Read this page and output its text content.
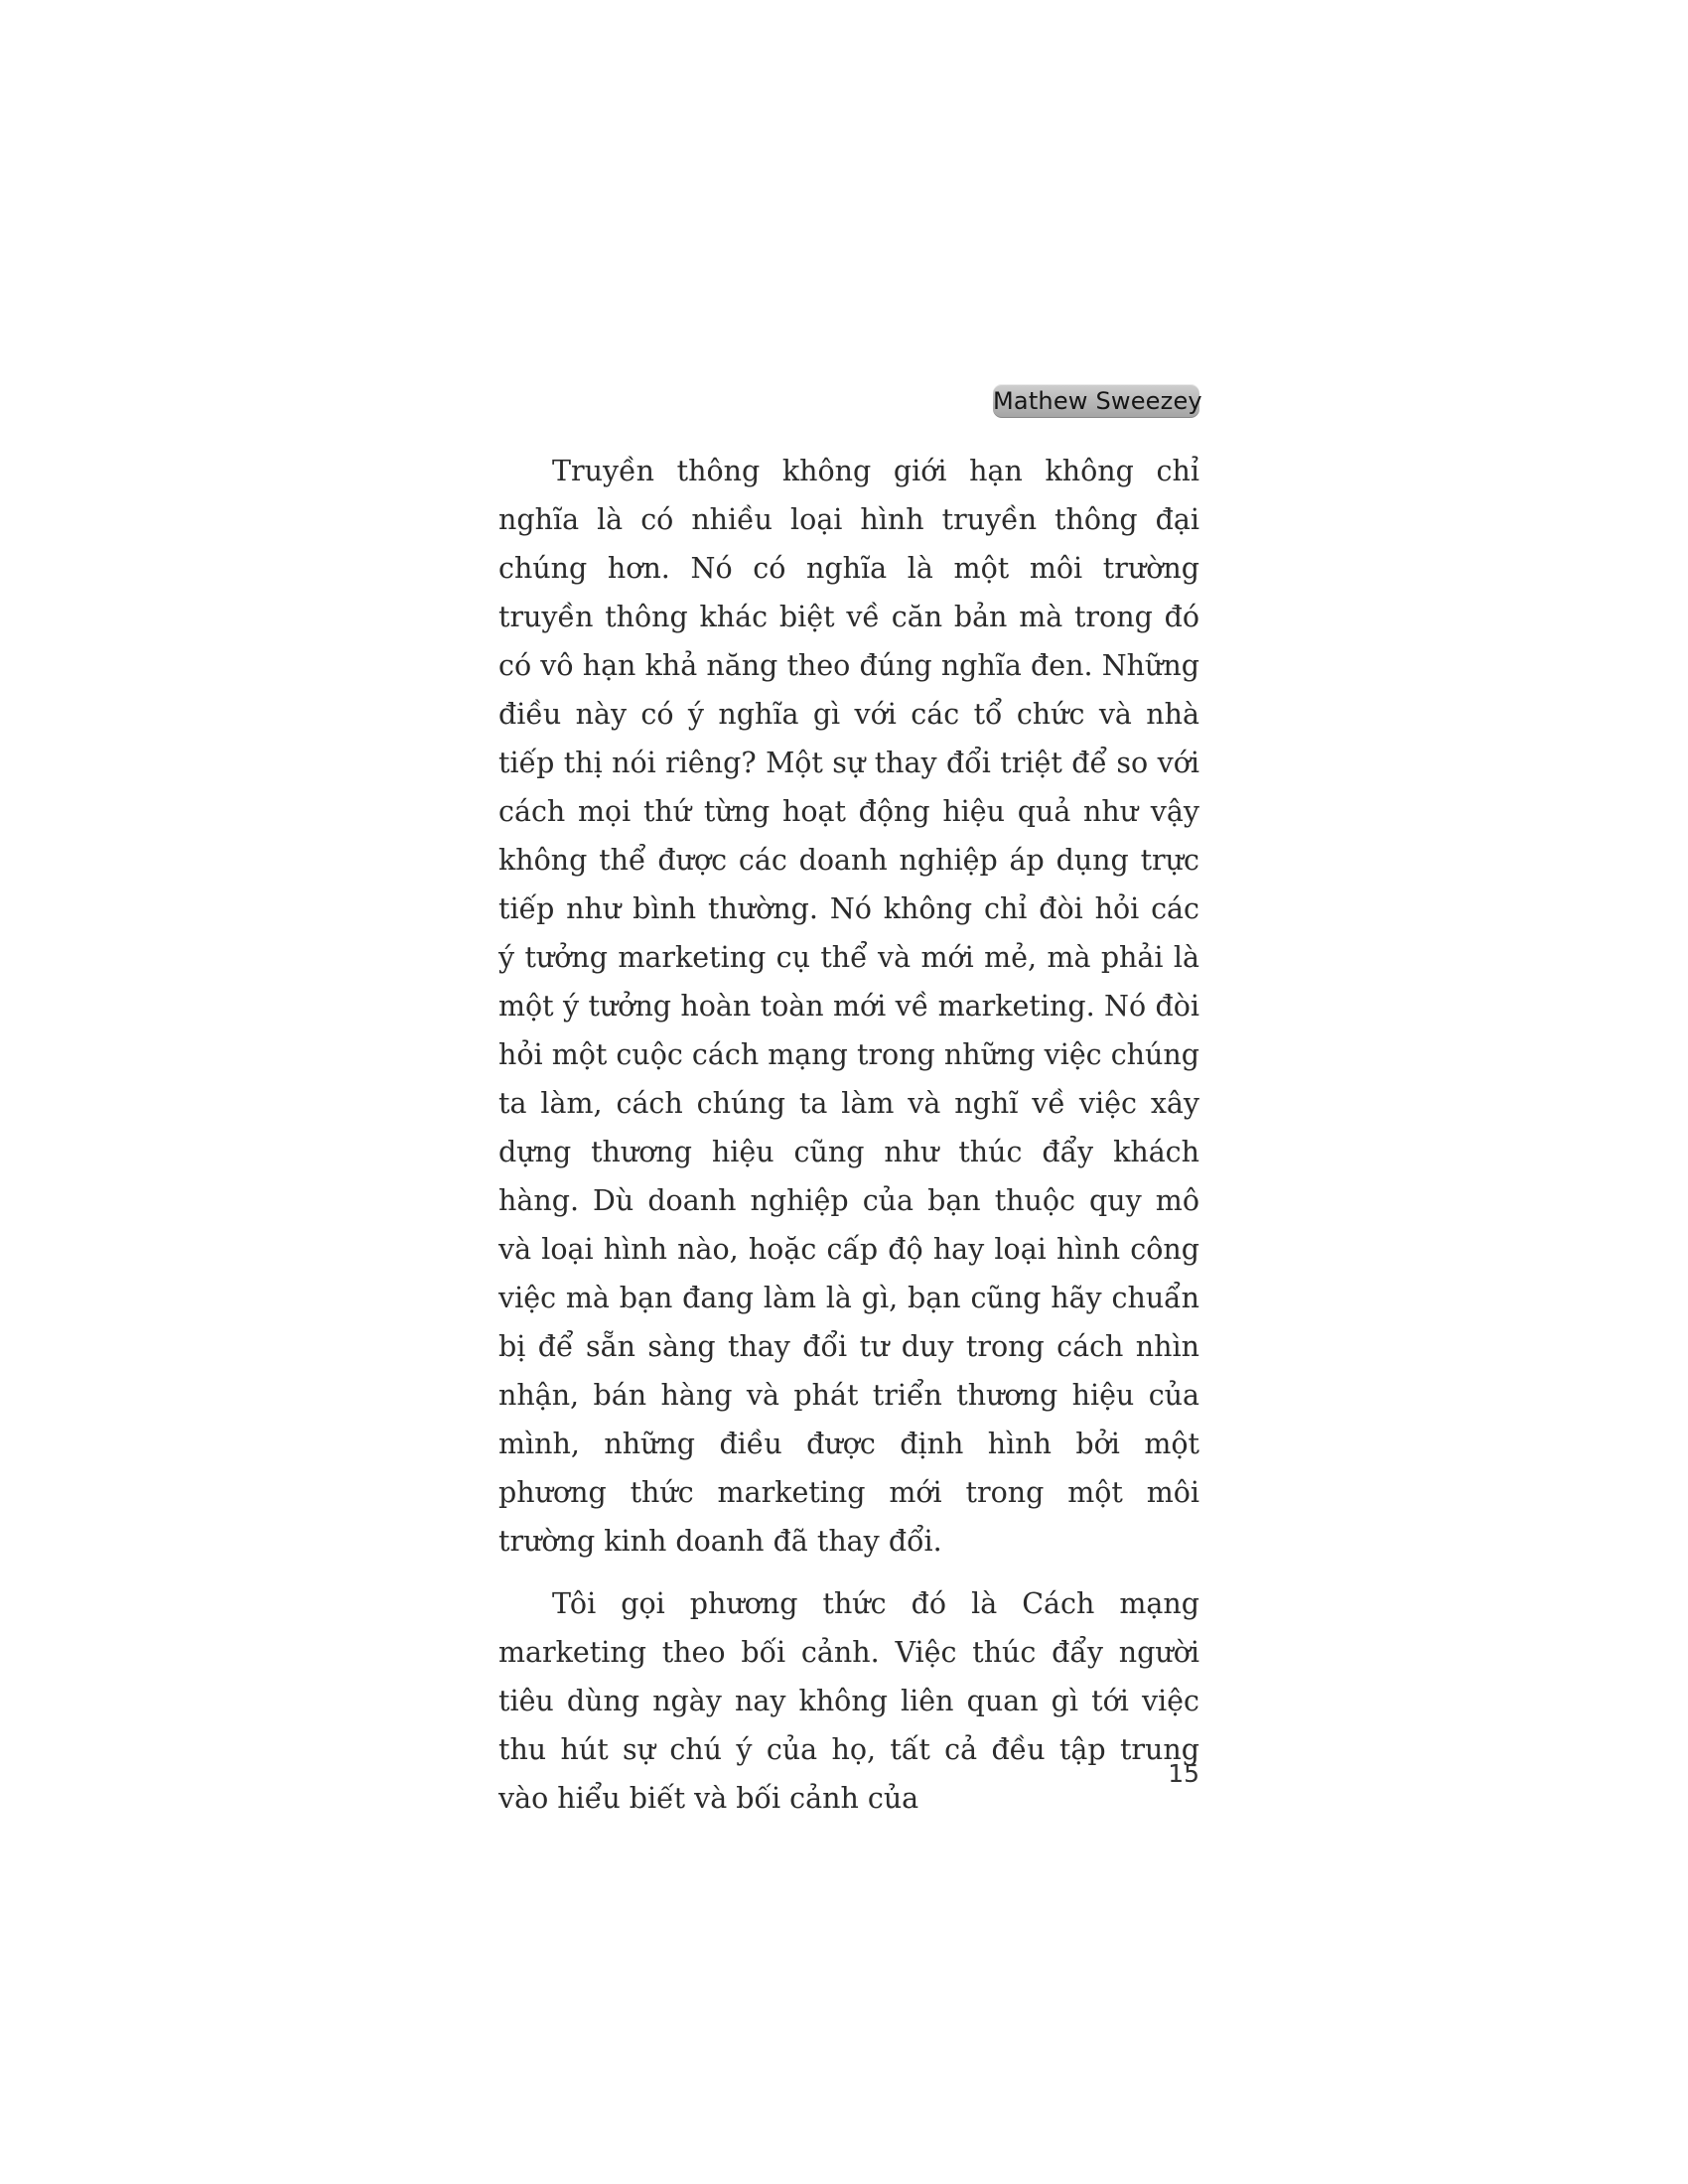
Mathew Sweezey

Truyền thông không giới hạn không chỉ nghĩa là có nhiều loại hình truyền thông đại chúng hơn. Nó có nghĩa là một môi trường truyền thông khác biệt về căn bản mà trong đó có vô hạn khả năng theo đúng nghĩa đen. Những điều này có ý nghĩa gì với các tổ chức và nhà tiếp thị nói riêng? Một sự thay đổi triệt để so với cách mọi thứ từng hoạt động hiệu quả như vậy không thể được các doanh nghiệp áp dụng trực tiếp như bình thường. Nó không chỉ đòi hỏi các ý tưởng marketing cụ thể và mới mẻ, mà phải là một ý tưởng hoàn toàn mới về marketing. Nó đòi hỏi một cuộc cách mạng trong những việc chúng ta làm, cách chúng ta làm và nghĩ về việc xây dựng thương hiệu cũng như thúc đẩy khách hàng. Dù doanh nghiệp của bạn thuộc quy mô và loại hình nào, hoặc cấp độ hay loại hình công việc mà bạn đang làm là gì, bạn cũng hãy chuẩn bị để sẵn sàng thay đổi tư duy trong cách nhìn nhận, bán hàng và phát triển thương hiệu của mình, những điều được định hình bởi một phương thức marketing mới trong một môi trường kinh doanh đã thay đổi.

Tôi gọi phương thức đó là Cách mạng marketing theo bối cảnh. Việc thúc đẩy người tiêu dùng ngày nay không liên quan gì tới việc thu hút sự chú ý của họ, tất cả đều tập trung vào hiểu biết và bối cảnh của

15
